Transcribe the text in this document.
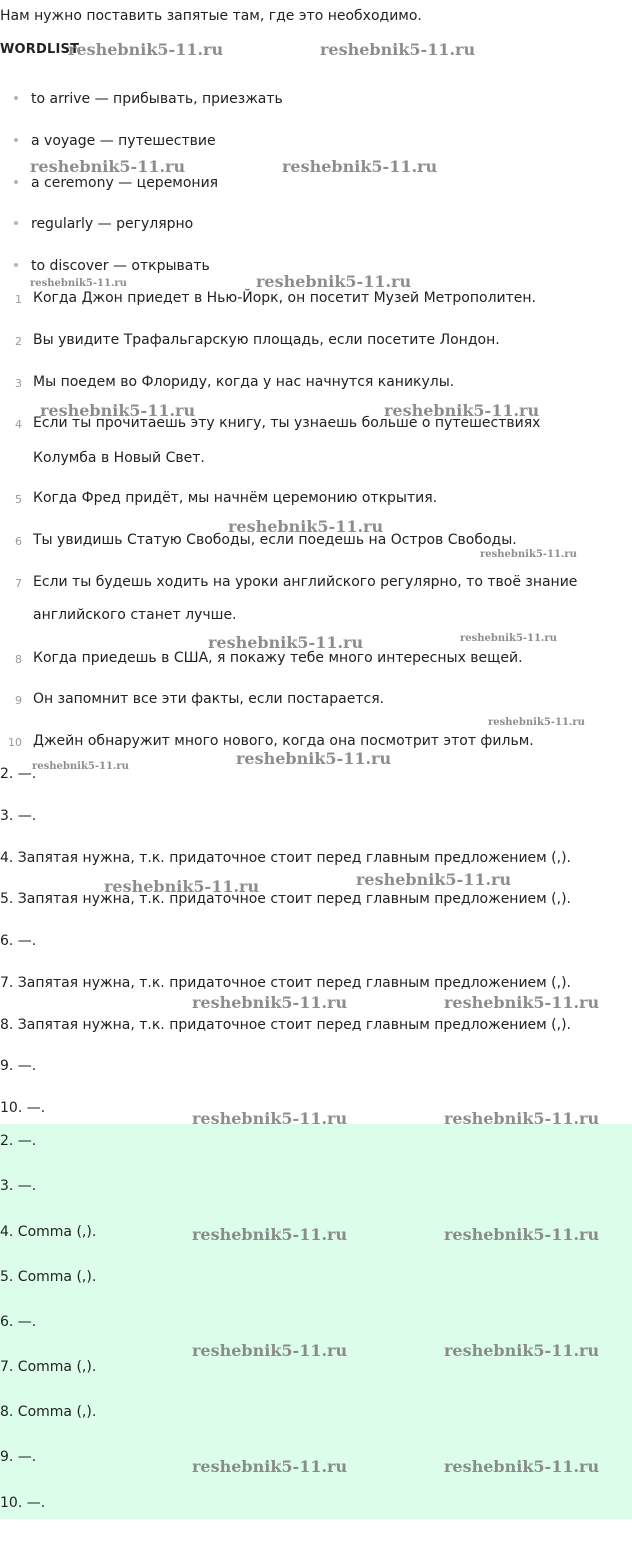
Нам нужно поставить запятые там, где это необходимо.
WORDLIST
to arrive — прибывать, приезжать
a voyage — путешествие
a ceremony — церемония
regularly — регулярно
to discover — открывать
1 Когда Джон приедет в Нью-Йорк, он посетит Музей Метрополитен.
2 Вы увидите Трафальгарскую площадь, если посетите Лондон.
3 Мы поедем во Флориду, когда у нас начнутся каникулы.
4 Если ты прочитаешь эту книгу, ты узнаешь больше о путешествиях
Колумба в Новый Свет.
5 Когда Фред придёт, мы начнём церемонию открытия.
6 Ты увидишь Статую Свободы, если поедешь на Остров Свободы.
7 Если ты будешь ходить на уроки английского регулярно, то твоё знание
английского станет лучше.
8 Когда приедешь в США, я покажу тебе много интересных вещей.
9 Он запомнит все эти факты, если постарается.
10 Джейн обнаружит много нового, когда она посмотрит этот фильм.
2. —.
3. —.
4. Запятая нужна, т.к. придаточное стоит перед главным предложением (,).
5. Запятая нужна, т.к. придаточное стоит перед главным предложением (,).
6. —.
7. Запятая нужна, т.к. придаточное стоит перед главным предложением (,).
8. Запятая нужна, т.к. придаточное стоит перед главным предложением (,).
9. —.
10. —.
2. —.
3. —.
4. Comma (,).
5. Comma (,).
6. —.
7. Comma (,).
8. Comma (,).
9. —.
10. —.
reshebnik5-11.ru	reshebnik5-11.ru
reshebnik5-11.ru	reshebnik5-11.ru
reshebnik5-11.ru	reshebnik5-11.ru
reshebnik5-11.ru	reshebnik5-11.ru
reshebnik5-11.ru
reshebnik5-11.ru
reshebnik5-11.ru	reshebnik5-11.ru
reshebnik5-11.ru
reshebnik5-11.ru
reshebnik5-11.ru
reshebnik5-11.ru	reshebnik5-11.ru
reshebnik5-11.ru	reshebnik5-11.ru
reshebnik5-11.ru	reshebnik5-11.ru
reshebnik5-11.ru	reshebnik5-11.ru
reshebnik5-11.ru	reshebnik5-11.ru
reshebnik5-11.ru	reshebnik5-11.ru
